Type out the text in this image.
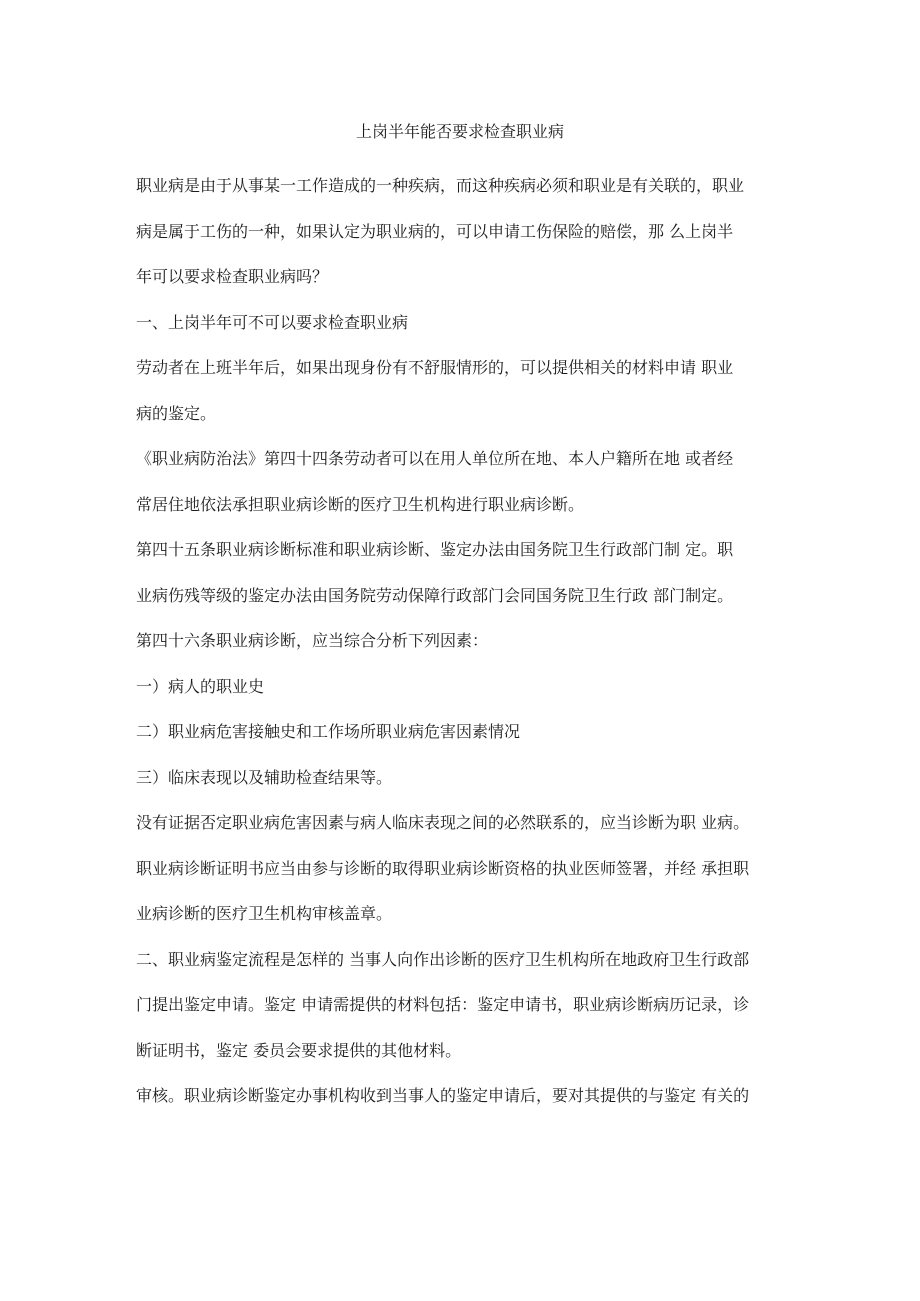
上岗半年能否要求检查职业病
职业病是由于从事某一工作造成的一种疾病，而这种疾病必须和职业是有关联的，职业
病是属于工伤的一种，如果认定为职业病的，可以申请工伤保险的赔偿，那 么上岗半
年可以要求检查职业病吗？
一、上岗半年可不可以要求检查职业病
劳动者在上班半年后，如果出现身份有不舒服情形的，可以提供相关的材料申请 职业
病的鉴定。
《职业病防治法》第四十四条劳动者可以在用人单位所在地、本人户籍所在地 或者经
常居住地依法承担职业病诊断的医疗卫生机构进行职业病诊断。
第四十五条职业病诊断标准和职业病诊断、鉴定办法由国务院卫生行政部门制 定。职
业病伤残等级的鉴定办法由国务院劳动保障行政部门会同国务院卫生行政 部门制定。
第四十六条职业病诊断，应当综合分析下列因素：
一）病人的职业史
二）职业病危害接触史和工作场所职业病危害因素情况
三）临床表现以及辅助检查结果等。
没有证据否定职业病危害因素与病人临床表现之间的必然联系的，应当诊断为职 业病。
职业病诊断证明书应当由参与诊断的取得职业病诊断资格的执业医师签署，并经 承担职
业病诊断的医疗卫生机构审核盖章。
二、职业病鉴定流程是怎样的 当事人向作出诊断的医疗卫生机构所在地政府卫生行政部
门提出鉴定申请。鉴定 申请需提供的材料包括：鉴定申请书，职业病诊断病历记录，诊
断证明书，鉴定 委员会要求提供的其他材料。
审核。职业病诊断鉴定办事机构收到当事人的鉴定申请后，要对其提供的与鉴定 有关的
